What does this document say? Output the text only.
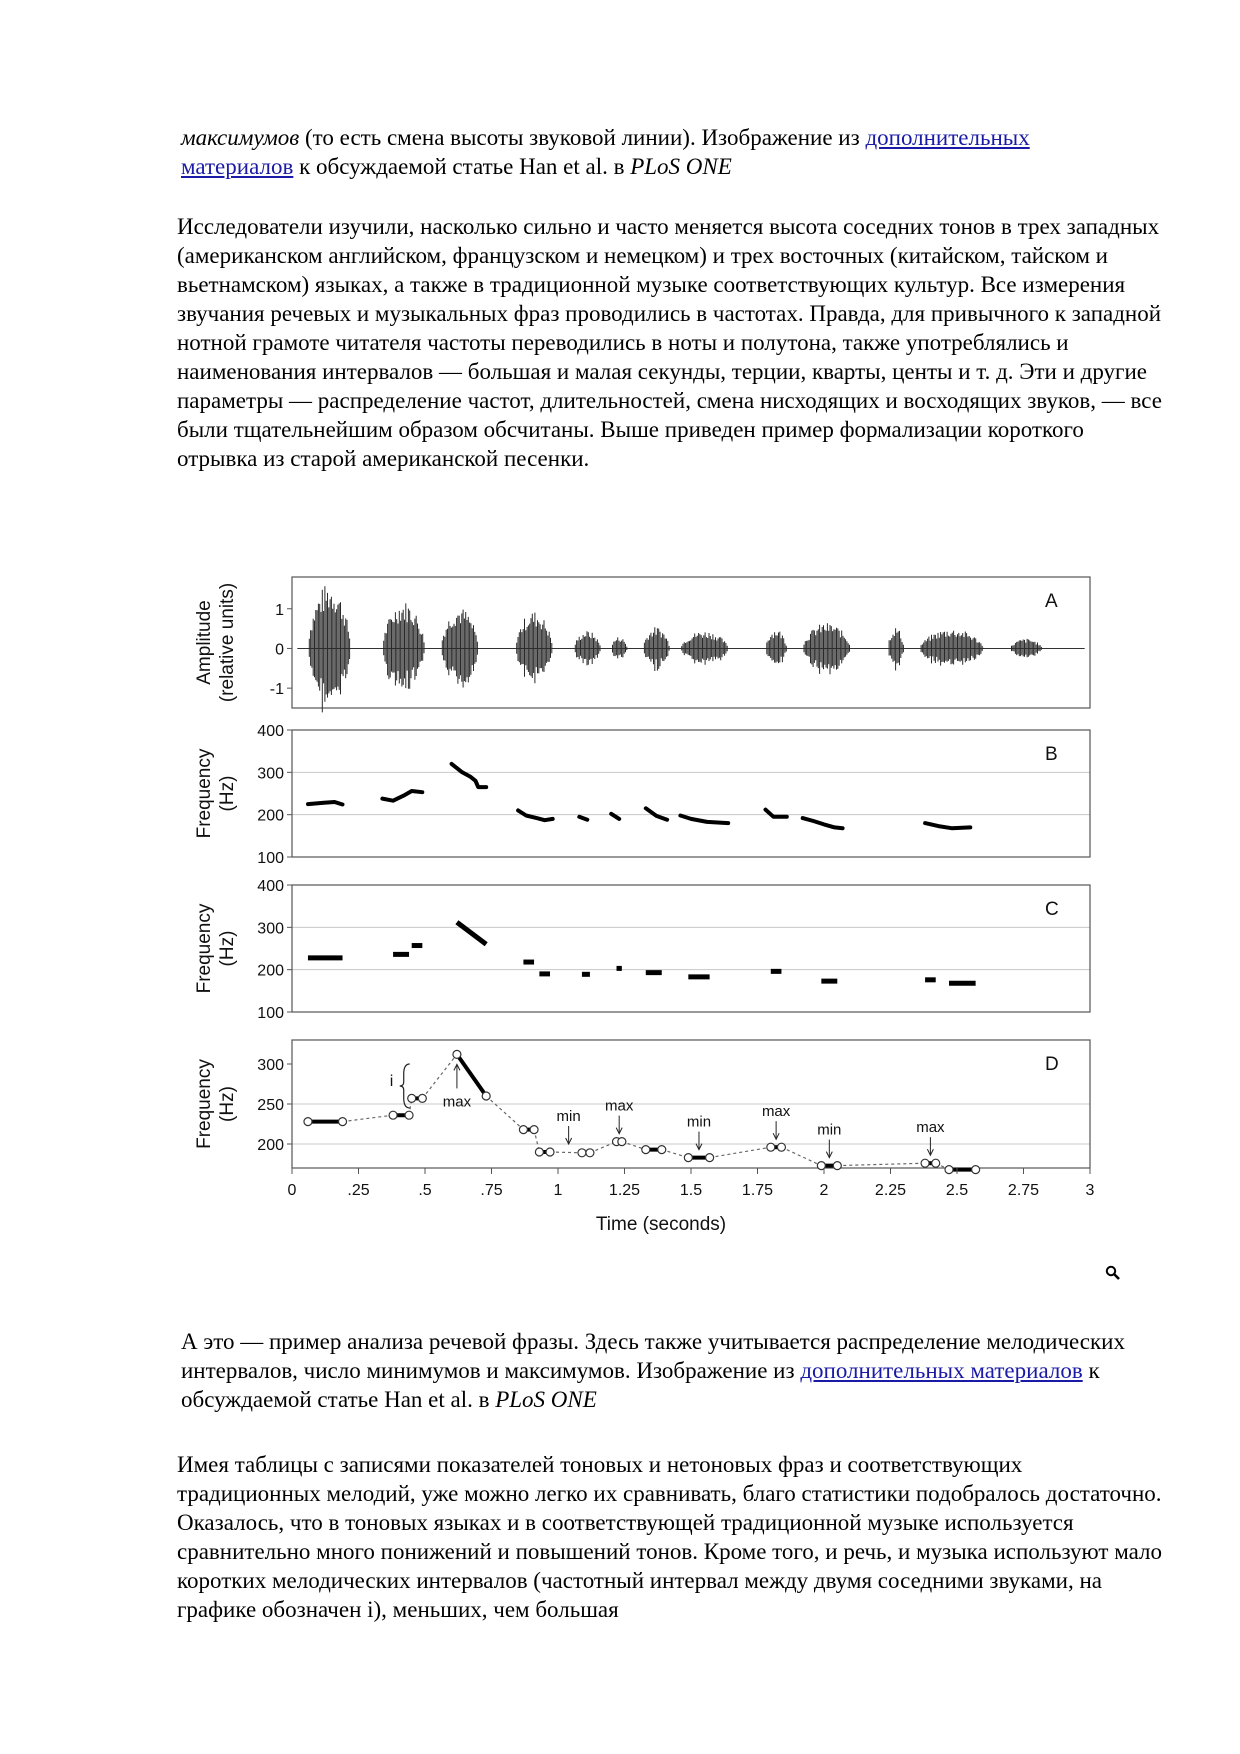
максимумов (то есть смена высоты звуковой линии). Изображение из дополнительных материалов к обсуждаемой статье Han et al. в PLoS ONE
Исследователи изучили, насколько сильно и часто меняется высота соседних тонов в трех западных (американском английском, французском и немецком) и трех восточных (китайском, тайском и вьетнамском) языках, а также в традиционной музыке соответствующих культур. Все измерения звучания речевых и музыкальных фраз проводились в частотах. Правда, для привычного к западной нотной грамоте читателя частоты переводились в ноты и полутона, также употреблялись и наименования интервалов — большая и малая секунды, терции, кварты, центы и т. д. Эти и другие параметры — распределение частот, длительностей, смена нисходящих и восходящих звуков, — все были тщательнейшим образом обсчитаны. Выше приведен пример формализации короткого отрывка из старой американской песенки.
1
0
-1
Amplitude (relative units)	A
400
300
200
100
Frequency (Hz)
B
400
300
200
100
Frequency (Hz)
C
300
250
200
Frequency (Hz)
D
i
max
min
max
min
max
min	max
0	.25	.5	.75	1	1.25 1.5 1.75	2	2.25 2.5 2.75	3
Time (seconds)
А это — пример анализа речевой фразы. Здесь также учитывается распределение мелодических интервалов, число минимумов и максимумов. Изображение из дополнительных материалов к обсуждаемой статье Han et al. в PLoS ONE
Имея таблицы с записями показателей тоновых и нетоновых фраз и соответствующих традиционных мелодий, уже можно легко их сравнивать, благо статистики подобралось достаточно. Оказалось, что в тоновых языках и в соответствующей традиционной музыке используется сравнительно много понижений и повышений тонов. Кроме того, и речь, и музыка используют мало коротких мелодических интервалов (частотный интервал между двумя соседними звуками, на графике обозначен i), меньших, чем большая
